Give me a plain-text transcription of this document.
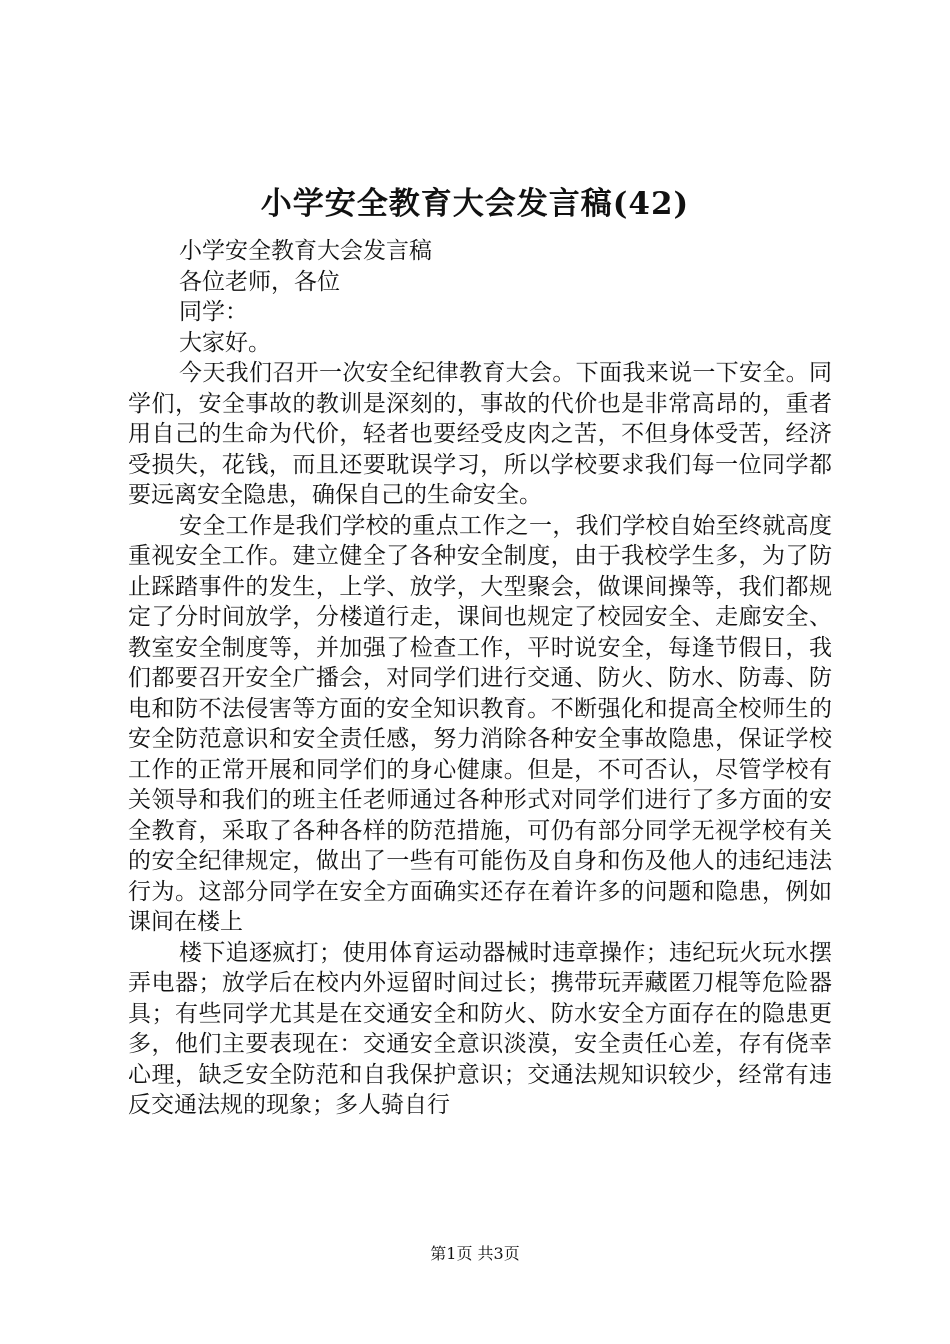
小学安全教育大会发言稿(42)

小学安全教育大会发言稿

各位老师，各位

同学：

大家好。

今天我们召开一次安全纪律教育大会。下面我来说一下安全。同学们，安全事故的教训是深刻的，事故的代价也是非常高昂的，重者用自己的生命为代价，轻者也要经受皮肉之苦，不但身体受苦，经济受损失，花钱，而且还要耽误学习，所以学校要求我们每一位同学都要远离安全隐患，确保自己的生命安全。

安全工作是我们学校的重点工作之一，我们学校自始至终就高度重视安全工作。建立健全了各种安全制度，由于我校学生多，为了防止踩踏事件的发生，上学、放学，大型聚会，做课间操等，我们都规定了分时间放学，分楼道行走，课间也规定了校园安全、走廊安全、教室安全制度等，并加强了检查工作，平时说安全，每逢节假日，我们都要召开安全广播会，对同学们进行交通、防火、防水、防毒、防电和防不法侵害等方面的安全知识教育。不断强化和提高全校师生的安全防范意识和安全责任感，努力消除各种安全事故隐患，保证学校工作的正常开展和同学们的身心健康。但是，不可否认，尽管学校有关领导和我们的班主任老师通过各种形式对同学们进行了多方面的安全教育，采取了各种各样的防范措施，可仍有部分同学无视学校有关的安全纪律规定，做出了一些有可能伤及自身和伤及他人的违纪违法行为。这部分同学在安全方面确实还存在着许多的问题和隐患，例如课间在楼上

楼下追逐疯打；使用体育运动器械时违章操作；违纪玩火玩水摆弄电器；放学后在校内外逗留时间过长；携带玩弄藏匿刀棍等危险器具；有些同学尤其是在交通安全和防火、防水安全方面存在的隐患更多，他们主要表现在：交通安全意识淡漠，安全责任心差，存有侥幸心理，缺乏安全防范和自我保护意识；交通法规知识较少，经常有违反交通法规的现象；多人骑自行

第1页 共3页
